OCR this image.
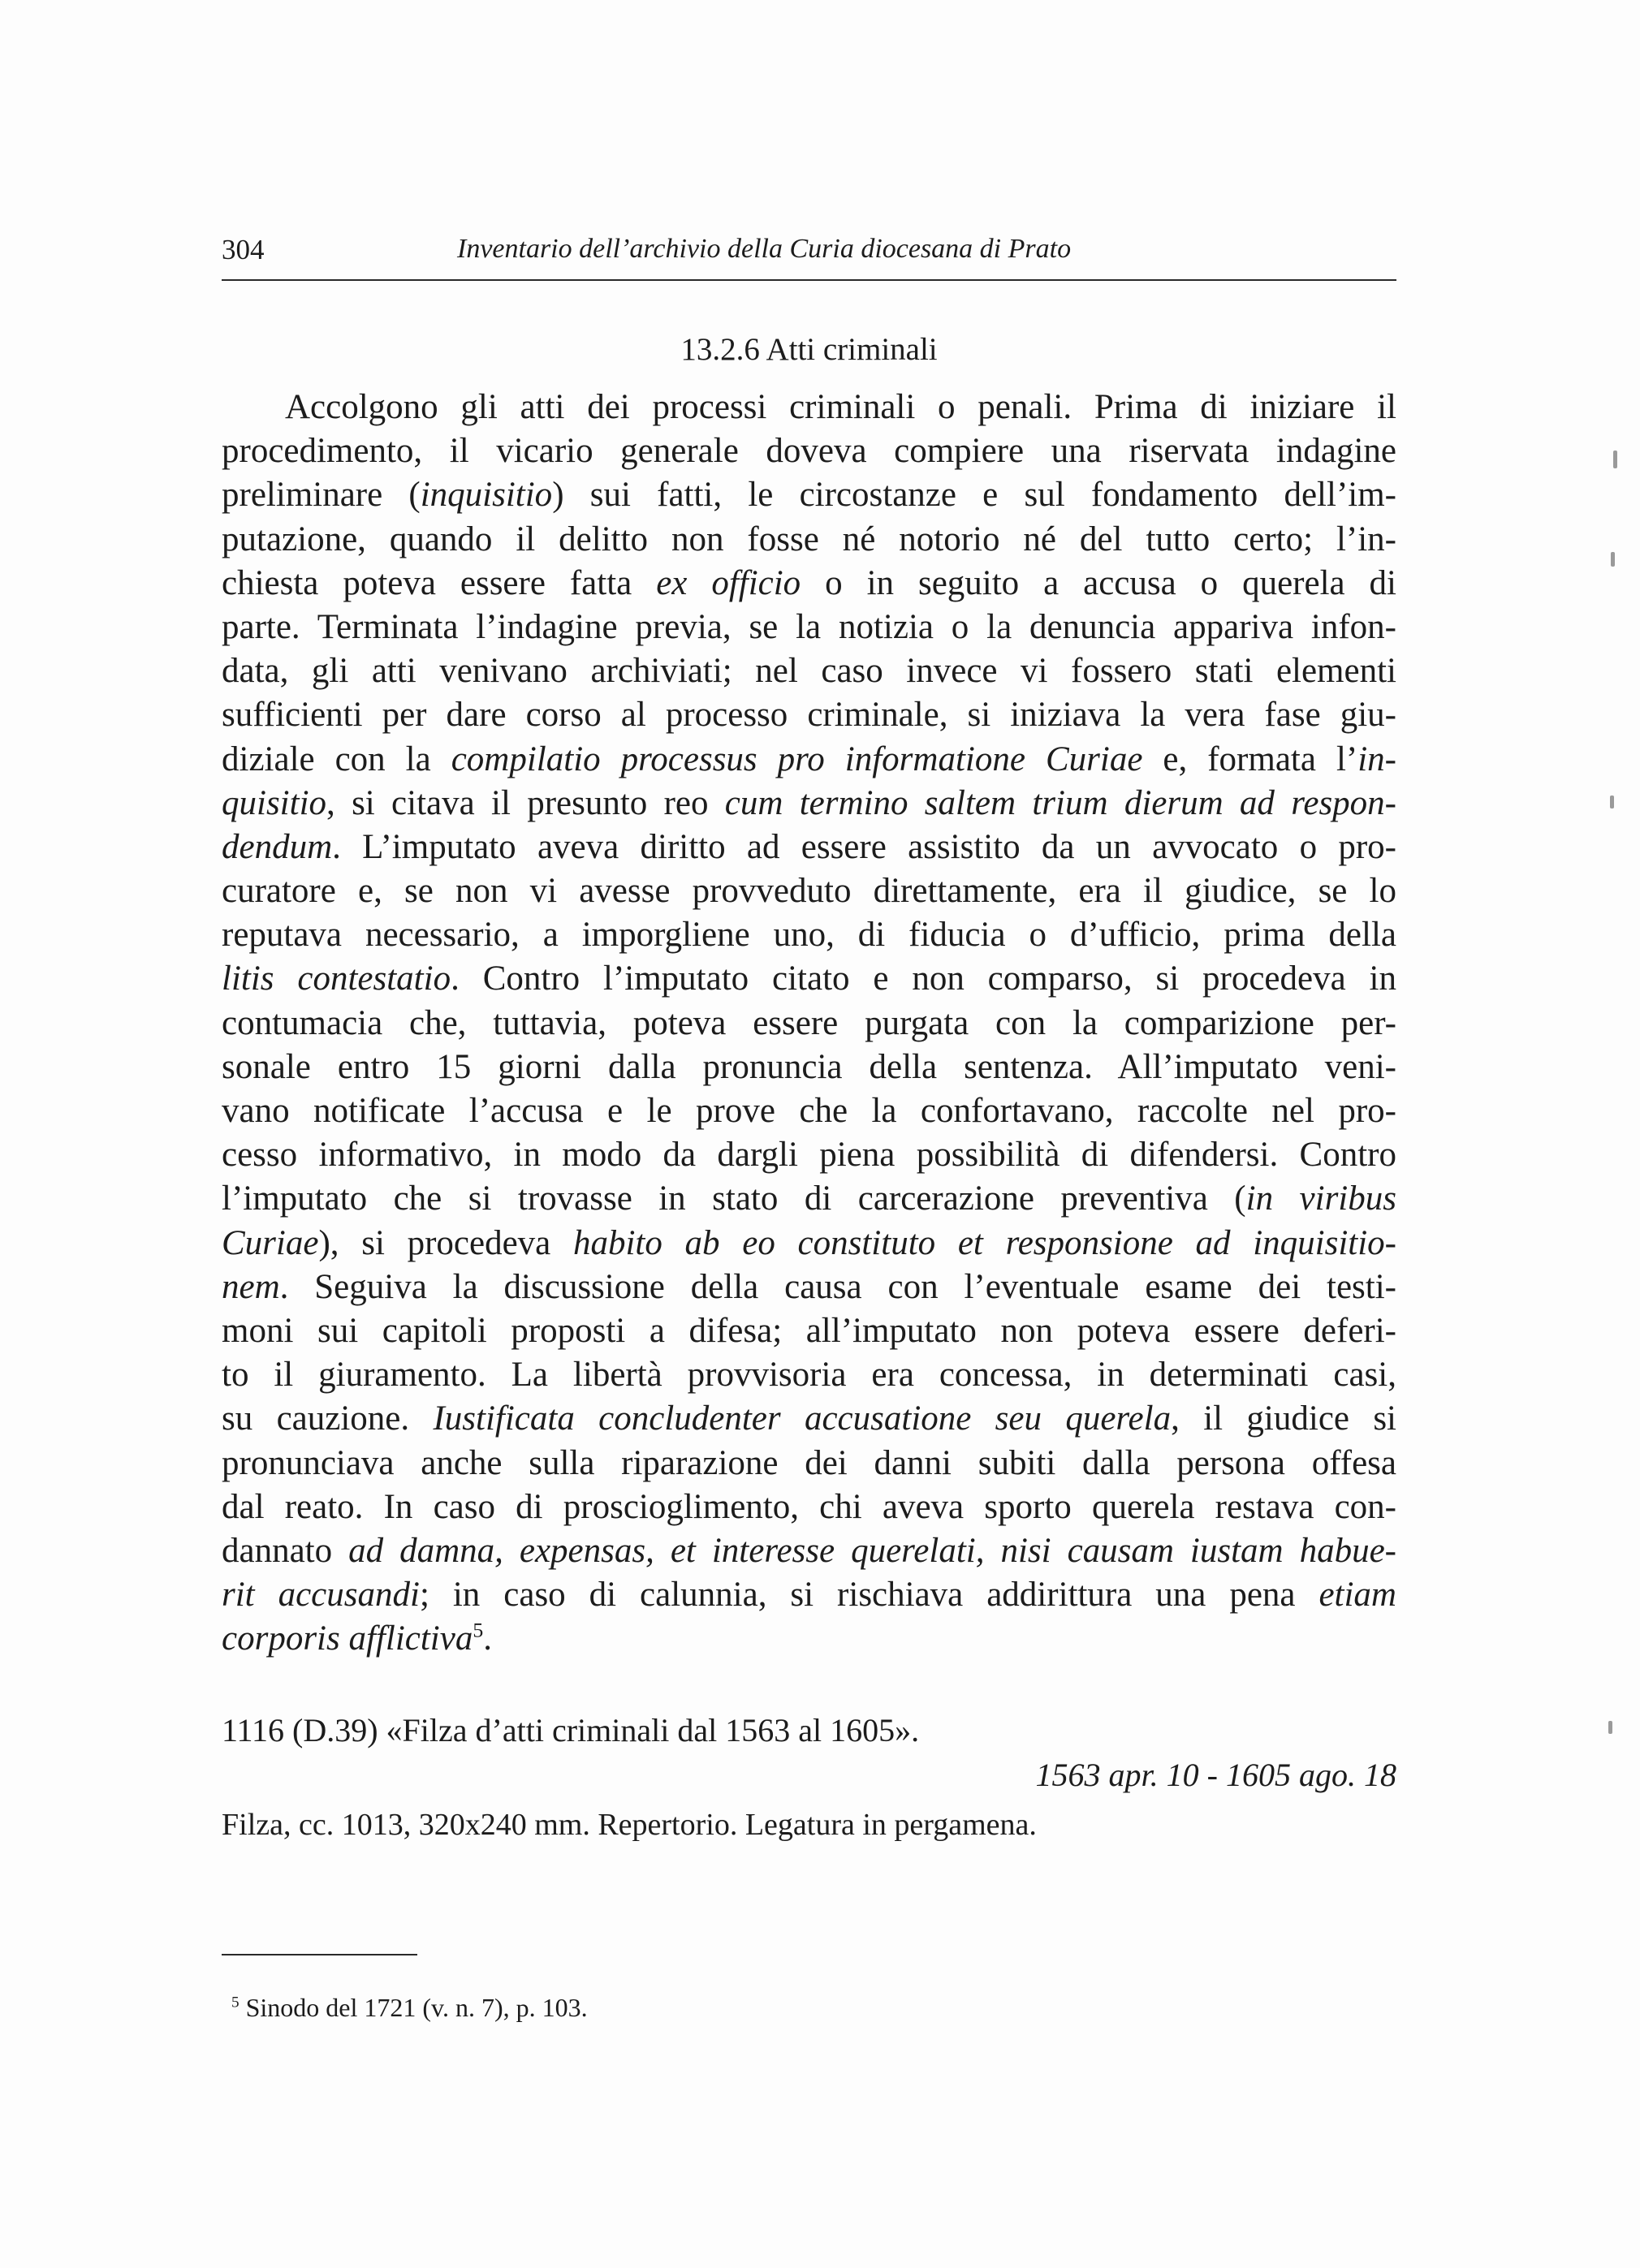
304	Inventario dell’archivio della Curia diocesana di Prato
13.2.6 Atti criminali
Accolgono gli atti dei processi criminali o penali. Prima di iniziare il
procedimento, il vicario generale doveva compiere una riservata indagine
preliminare (inquisitio) sui fatti, le circostanze e sul fondamento dell’im-
putazione, quando il delitto non fosse né notorio né del tutto certo; l’in-
chiesta poteva essere fatta ex officio o in seguito a accusa o querela di
parte. Terminata l’indagine previa, se la notizia o la denuncia appariva infon-
data, gli atti venivano archiviati; nel caso invece vi fossero stati elementi
sufficienti per dare corso al processo criminale, si iniziava la vera fase giu-
diziale con la compilatio processus pro informatione Curiae e, formata l’in-
quisitio, si citava il presunto reo cum termino saltem trium dierum ad respon-
dendum. L’imputato aveva diritto ad essere assistito da un avvocato o pro-
curatore e, se non vi avesse provveduto direttamente, era il giudice, se lo
reputava necessario, a imporgliene uno, di fiducia o d’ufficio, prima della
litis contestatio. Contro l’imputato citato e non comparso, si procedeva in
contumacia che, tuttavia, poteva essere purgata con la comparizione per-
sonale entro 15 giorni dalla pronuncia della sentenza. All’imputato veni-
vano notificate l’accusa e le prove che la confortavano, raccolte nel pro-
cesso informativo, in modo da dargli piena possibilità di difendersi. Contro
l’imputato che si trovasse in stato di carcerazione preventiva (in viribus
Curiae), si procedeva habito ab eo constituto et responsione ad inquisitio-
nem. Seguiva la discussione della causa con l’eventuale esame dei testi-
moni sui capitoli proposti a difesa; all’imputato non poteva essere deferi-
to il giuramento. La libertà provvisoria era concessa, in determinati casi,
su cauzione. Iustificata concludenter accusatione seu querela, il giudice si
pronunciava anche sulla riparazione dei danni subiti dalla persona offesa
dal reato. In caso di proscioglimento, chi aveva sporto querela restava con-
dannato ad damna, expensas, et interesse querelati, nisi causam iustam habue-
rit accusandi; in caso di calunnia, si rischiava addirittura una pena etiam
corporis afflictiva$^5$.
1116 (D.39) «Filza d’atti criminali dal 1563 al 1605».
1563 apr. 10 - 1605 ago. 18
Filza, cc. 1013, 320x240 mm. Repertorio. Legatura in pergamena.
$^5$ Sinodo del 1721 (v. n. 7), p. 103.
